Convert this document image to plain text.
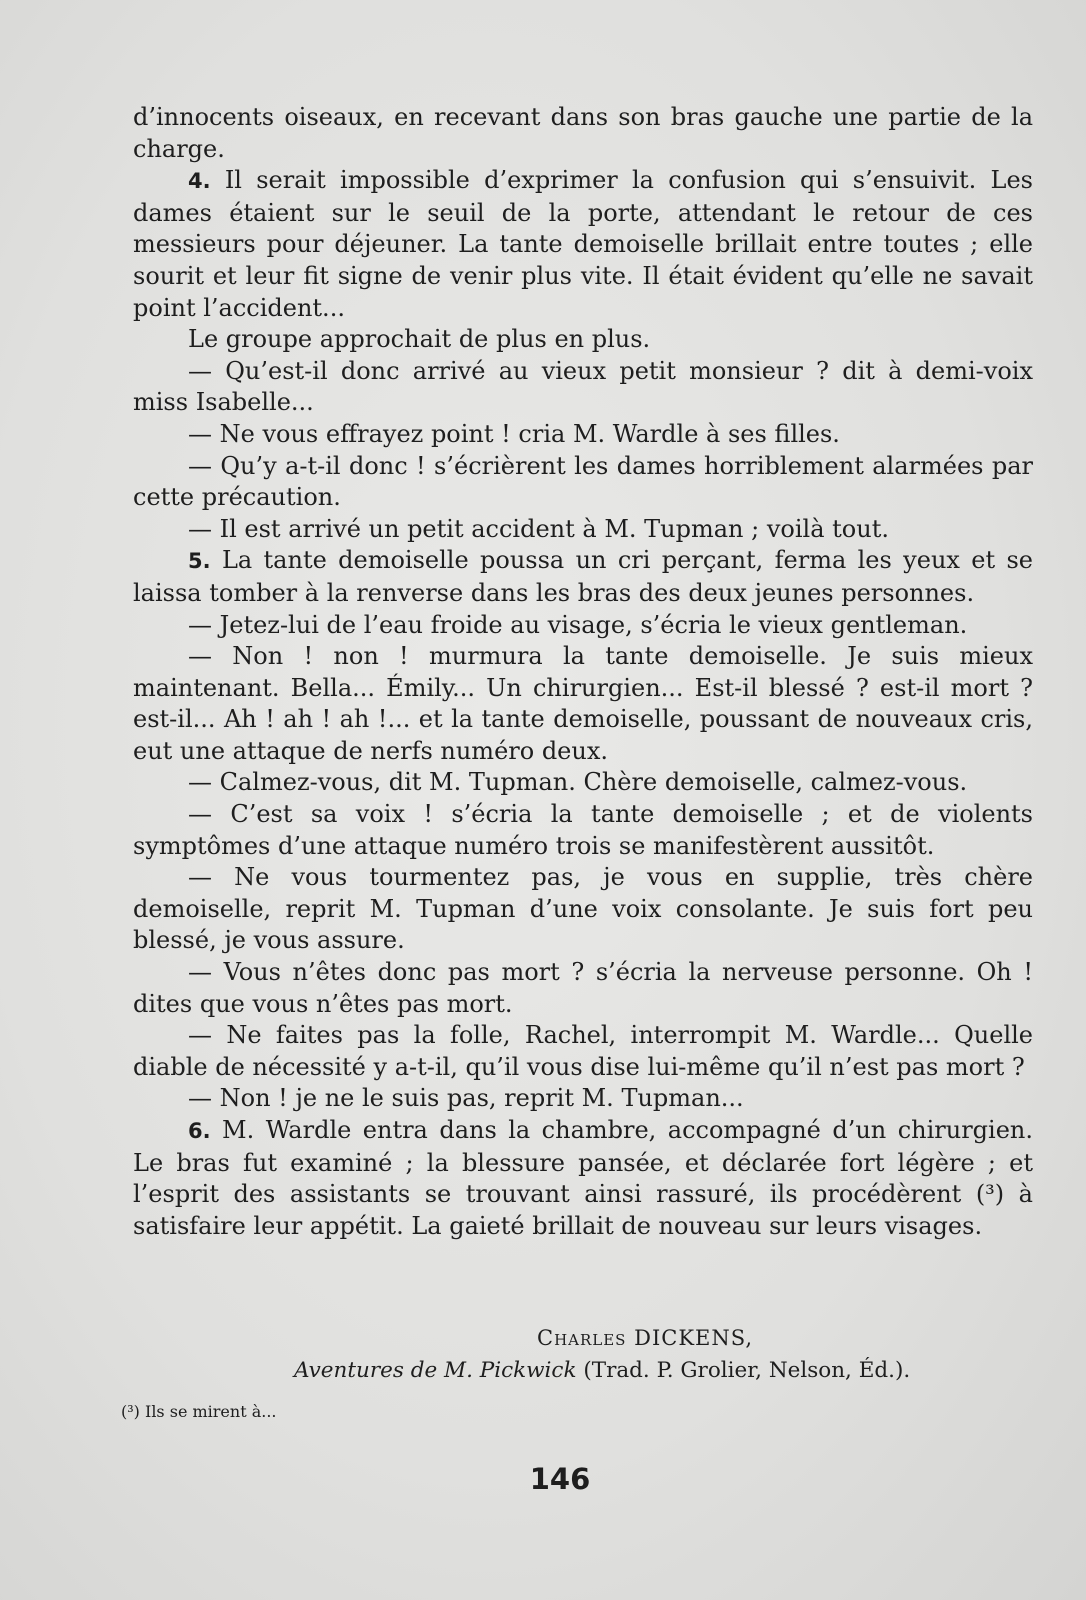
d’innocents oiseaux, en recevant dans son bras gauche une partie de la charge.

4. Il serait impossible d’exprimer la confusion qui s’ensuivit. Les dames étaient sur le seuil de la porte, attendant le retour de ces messieurs pour déjeuner. La tante demoiselle brillait entre toutes ; elle sourit et leur fit signe de venir plus vite. Il était évident qu’elle ne savait point l’accident...

Le groupe approchait de plus en plus.

— Qu’est-il donc arrivé au vieux petit monsieur ? dit à demi-voix miss Isabelle...

— Ne vous effrayez point ! cria M. Wardle à ses filles.

— Qu’y a-t-il donc ! s’écrièrent les dames horriblement alarmées par cette précaution.

— Il est arrivé un petit accident à M. Tupman ; voilà tout.

5. La tante demoiselle poussa un cri perçant, ferma les yeux et se laissa tomber à la renverse dans les bras des deux jeunes personnes.

— Jetez-lui de l’eau froide au visage, s’écria le vieux gentleman.

— Non ! non ! murmura la tante demoiselle. Je suis mieux maintenant. Bella... Émily... Un chirurgien... Est-il blessé ? est-il mort ? est-il... Ah ! ah ! ah !... et la tante demoiselle, poussant de nouveaux cris, eut une attaque de nerfs numéro deux.

— Calmez-vous, dit M. Tupman. Chère demoiselle, calmez-vous.

— C’est sa voix ! s’écria la tante demoiselle ; et de violents symptômes d’une attaque numéro trois se manifestèrent aussitôt.

— Ne vous tourmentez pas, je vous en supplie, très chère demoiselle, reprit M. Tupman d’une voix consolante. Je suis fort peu blessé, je vous assure.

— Vous n’êtes donc pas mort ? s’écria la nerveuse personne. Oh ! dites que vous n’êtes pas mort.

— Ne faites pas la folle, Rachel, interrompit M. Wardle... Quelle diable de nécessité y a-t-il, qu’il vous dise lui-même qu’il n’est pas mort ?

— Non ! je ne le suis pas, reprit M. Tupman...

6. M. Wardle entra dans la chambre, accompagné d’un chirurgien. Le bras fut examiné ; la blessure pansée, et déclarée fort légère ; et l’esprit des assistants se trouvant ainsi rassuré, ils procédèrent (³) à satisfaire leur appétit. La gaieté brillait de nouveau sur leurs visages.

Charles DICKENS,
Aventures de M. Pickwick (Trad. P. Grolier, Nelson, Éd.).
(³) Ils se mirent à...
146
